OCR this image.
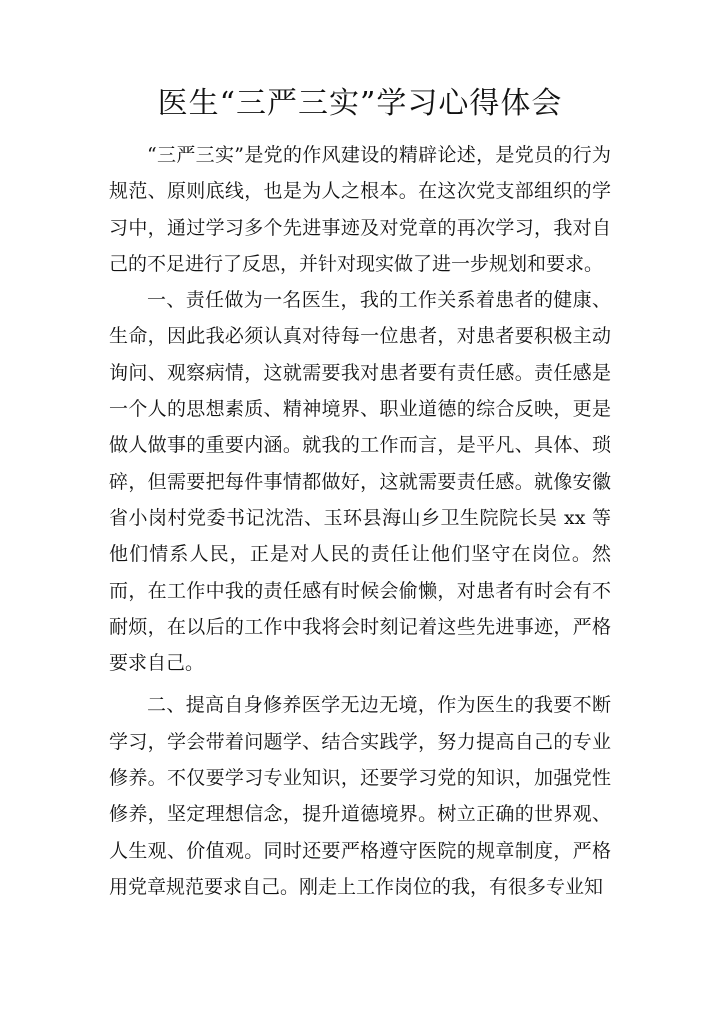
医生“三严三实”学习心得体会

“三严三实”是党的作风建设的精辟论述，是党员的行为规范、原则底线，也是为人之根本。在这次党支部组织的学习中，通过学习多个先进事迹及对党章的再次学习，我对自己的不足进行了反思，并针对现实做了进一步规划和要求。

一、责任做为一名医生，我的工作关系着患者的健康、生命，因此我必须认真对待每一位患者，对患者要积极主动询问、观察病情，这就需要我对患者要有责任感。责任感是一个人的思想素质、精神境界、职业道德的综合反映，更是做人做事的重要内涵。就我的工作而言，是平凡、具体、琐碎，但需要把每件事情都做好，这就需要责任感。就像安徽省小岗村党委书记沈浩、玉环县海山乡卫生院院长吴 xx 等他们情系人民，正是对人民的责任让他们坚守在岗位。然而，在工作中我的责任感有时候会偷懒，对患者有时会有不耐烦，在以后的工作中我将会时刻记着这些先进事迹，严格要求自己。

二、提高自身修养医学无边无境，作为医生的我要不断学习，学会带着问题学、结合实践学，努力提高自己的专业修养。不仅要学习专业知识，还要学习党的知识，加强党性修养，坚定理想信念，提升道德境界。树立正确的世界观、人生观、价值观。同时还要严格遵守医院的规章制度，严格用党章规范要求自己。刚走上工作岗位的我，有很多专业知
